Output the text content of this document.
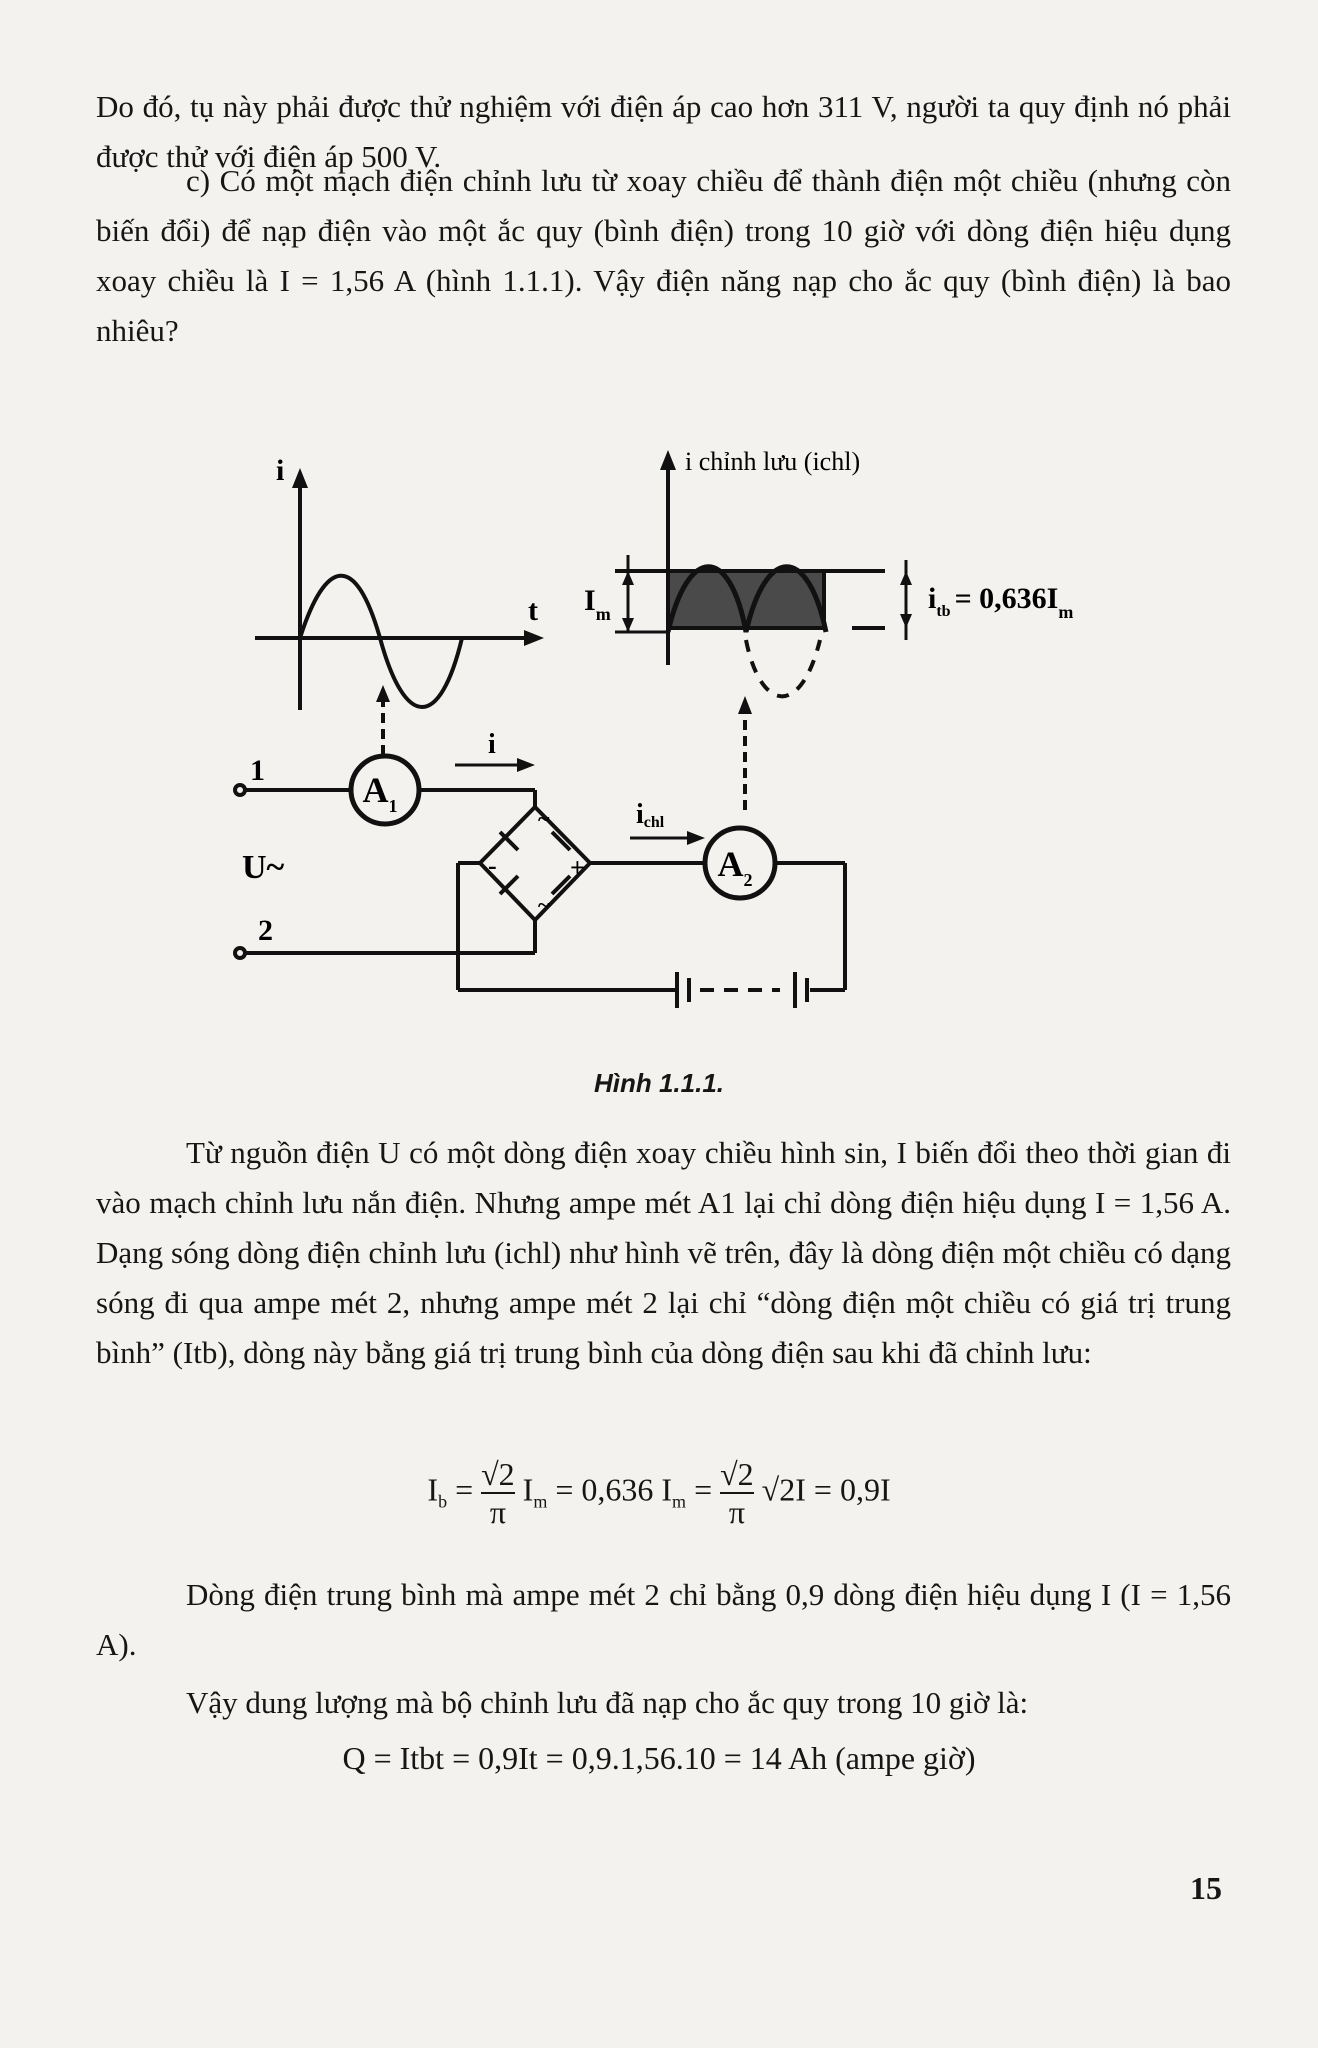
Do đó, tụ này phải được thử nghiệm với điện áp cao hơn 311 V, người ta quy định nó phải được thử với điện áp 500 V.

c) Có một mạch điện chỉnh lưu từ xoay chiều để thành điện một chiều (nhưng còn biến đổi) để nạp điện vào một ắc quy (bình điện) trong 10 giờ với dòng điện hiệu dụng xoay chiều là I = 1,56 A (hình 1.1.1). Vậy điện năng nạp cho ắc quy (bình điện) là bao nhiêu?

i
t
i chỉnh lưu (ichl)
$I_m$	$i_{tb} = 0,636I_m$
$A_1$
$A_2$
1
2
U~
i
ichl
+
-
~
~
Hình 1.1.1.

Từ nguồn điện U có một dòng điện xoay chiều hình sin, I biến đổi theo thời gian đi vào mạch chỉnh lưu nắn điện. Nhưng ampe mét A1 lại chỉ dòng điện hiệu dụng I = 1,56 A. Dạng sóng dòng điện chỉnh lưu (ichl) như hình vẽ trên, đây là dòng điện một chiều có dạng sóng đi qua ampe mét 2, nhưng ampe mét 2 lại chỉ “dòng điện một chiều có giá trị trung bình” (Itb), dòng này bằng giá trị trung bình của dòng điện sau khi đã chỉnh lưu:

$I_b = \frac{√2}{\pi} I_m = 0,636$ $I_m = \frac{√2}{\pi} √2I = 0,9I$

Dòng điện trung bình mà ampe mét 2 chỉ bằng 0,9 dòng điện hiệu dụng I (I = 1,56 A).

Vậy dung lượng mà bộ chỉnh lưu đã nạp cho ắc quy trong 10 giờ là:

Q = Itbt = 0,9It = 0,9.1,56.10 = 14 Ah (ampe giờ)
15
